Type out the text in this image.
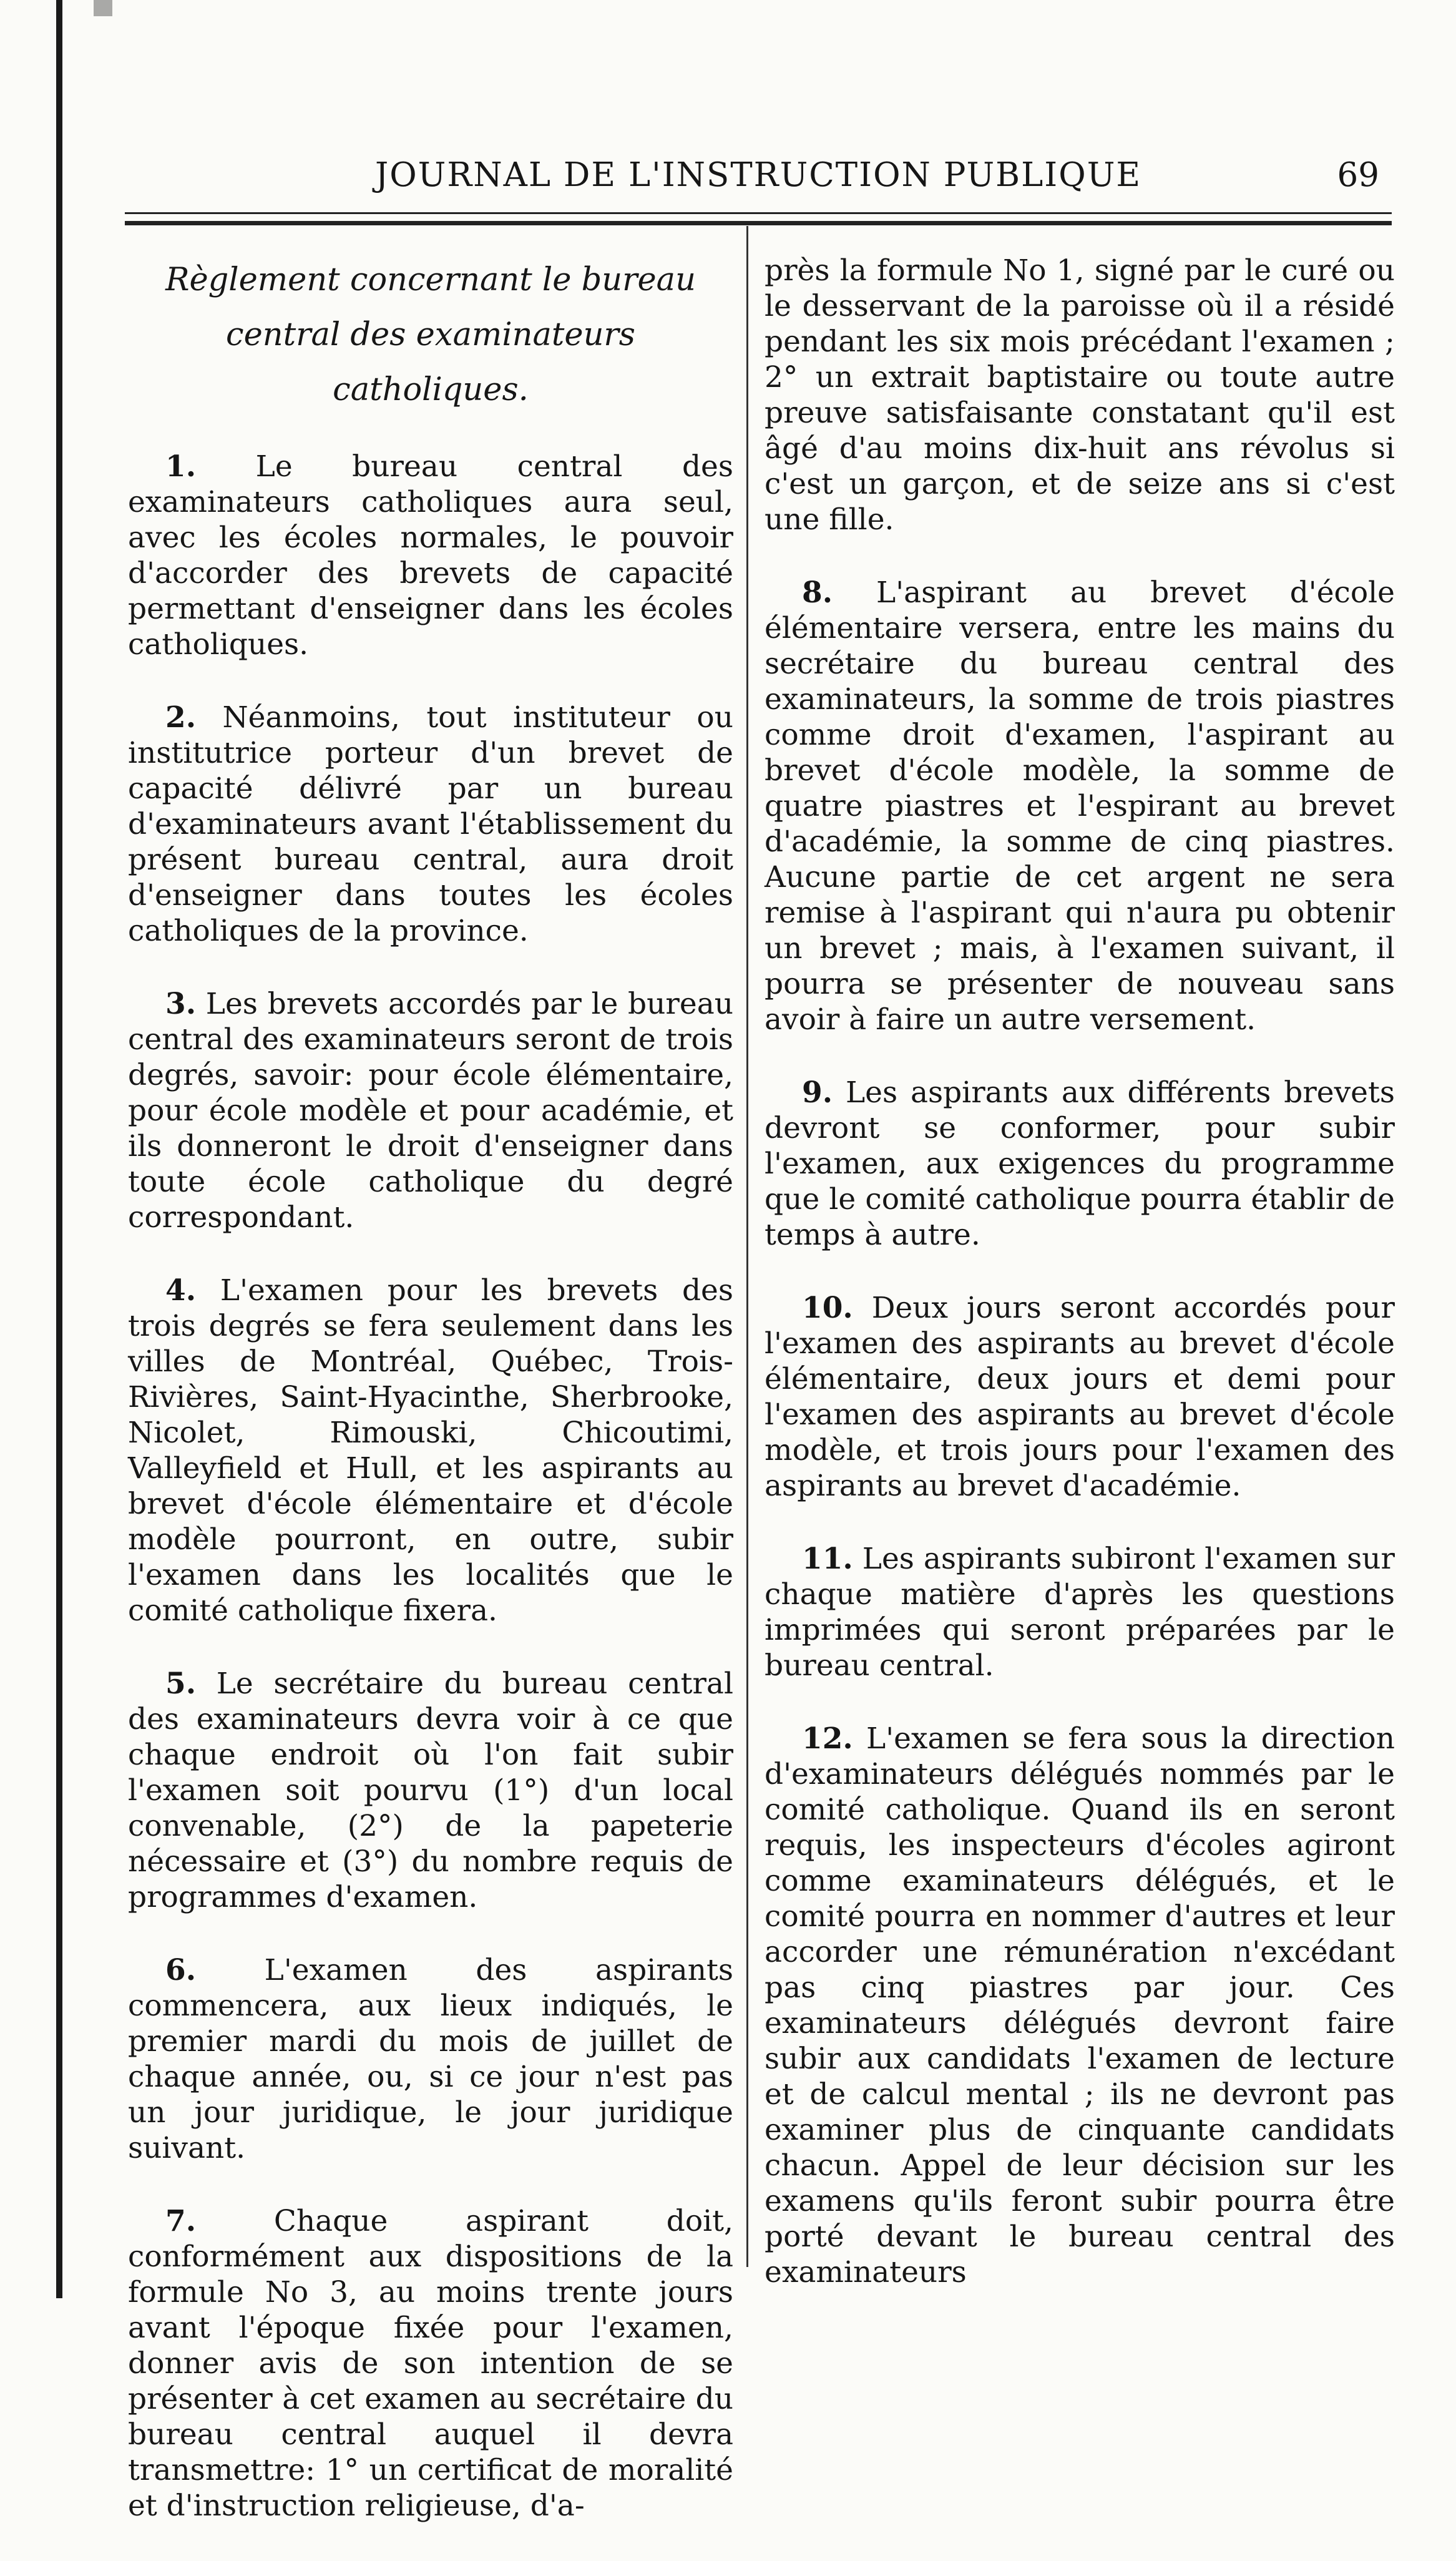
JOURNAL DE L'INSTRUCTION PUBLIQUE	69
Règlement concernant le bureau central des examinateurs catholiques.

1. Le bureau central des examinateurs catholiques aura seul, avec les écoles normales, le pouvoir d'accorder des brevets de capacité permettant d'enseigner dans les écoles catholiques.

2. Néanmoins, tout instituteur ou institutrice porteur d'un brevet de capacité délivré par un bureau d'examinateurs avant l'établissement du présent bureau central, aura droit d'enseigner dans toutes les écoles catholiques de la province.

3. Les brevets accordés par le bureau central des examinateurs seront de trois degrés, savoir: pour école élémentaire, pour école modèle et pour académie, et ils donneront le droit d'enseigner dans toute école catholique du degré correspondant.

4. L'examen pour les brevets des trois degrés se fera seulement dans les villes de Montréal, Québec, Trois-Rivières, Saint-Hyacinthe, Sherbrooke, Nicolet, Rimouski, Chicoutimi, Valleyfield et Hull, et les aspirants au brevet d'école élémentaire et d'école modèle pourront, en outre, subir l'examen dans les localités que le comité catholique fixera.

5. Le secrétaire du bureau central des examinateurs devra voir à ce que chaque endroit où l'on fait subir l'examen soit pourvu (1°) d'un local convenable, (2°) de la papeterie nécessaire et (3°) du nombre requis de programmes d'examen.

6. L'examen des aspirants commencera, aux lieux indiqués, le premier mardi du mois de juillet de chaque année, ou, si ce jour n'est pas un jour juridique, le jour juridique suivant.

7.	Chaque aspirant doit, conformément aux dispositions de la formule No 3, au moins trente jours avant l'époque fixée pour l'examen, donner avis de son intention de se présenter à cet examen au secrétaire du bureau central auquel il devra transmettre: 1° un certificat de moralité et d'instruction religieuse, d'a-

près la formule No 1, signé par le curé ou le desservant de la paroisse où il a résidé pendant les six mois précédant l'examen ; 2° un extrait baptistaire ou toute autre preuve satisfaisante constatant qu'il est âgé d'au moins dix-huit ans révolus si c'est un garçon, et de seize ans si c'est une fille.

8. L'aspirant au brevet d'école élémentaire versera, entre les mains du secrétaire du bureau central des examinateurs, la somme de trois piastres comme droit d'examen, l'aspirant au brevet d'école modèle, la somme de quatre piastres et l'espirant au brevet d'académie, la somme de cinq piastres. Aucune partie de cet argent ne sera remise à l'aspirant qui n'aura pu obtenir un brevet ; mais, à l'examen suivant, il pourra se présenter de nouveau sans avoir à faire un autre versement.

9. Les aspirants aux différents brevets devront se conformer, pour subir l'examen, aux exigences du programme que le comité catholique pourra établir de temps à autre.

10. Deux jours seront accordés pour l'examen des aspirants au brevet d'école élémentaire, deux jours et demi pour l'examen des aspirants au brevet d'école modèle, et trois jours pour l'examen des aspirants au brevet d'académie.

11. Les aspirants subiront l'examen sur chaque matière d'après les questions imprimées qui seront préparées par le bureau central.

12. L'examen se fera sous la direction d'examinateurs délégués nommés par le comité catholique. Quand ils en seront requis, les inspecteurs d'écoles agiront comme examinateurs délégués, et le comité pourra en nommer d'autres et leur accorder une rémunération n'excédant pas cinq piastres par jour. Ces examinateurs délégués devront faire subir aux candidats l'examen de lecture et de calcul mental ; ils ne devront pas examiner plus de cinquante candidats chacun. Appel de leur décision sur les examens qu'ils feront subir pourra être porté devant le bureau central des examinateurs
